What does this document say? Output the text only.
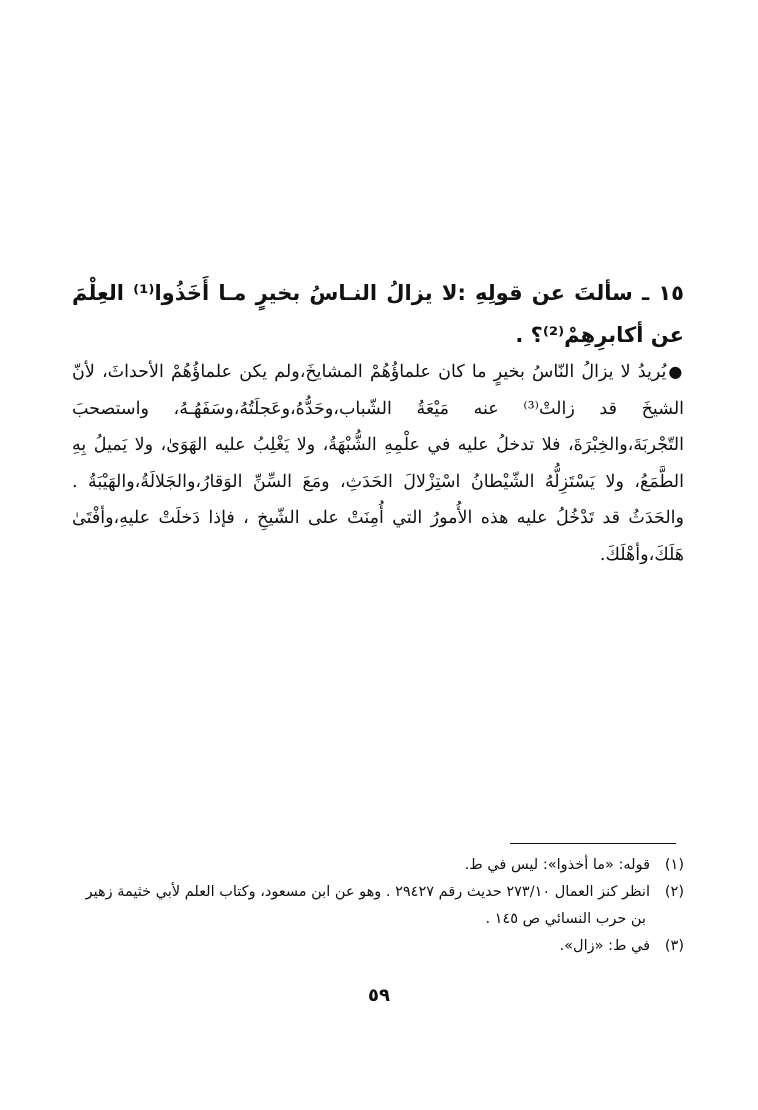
١٥ ـ سألتَ عن قولِهِ :لا يزالُ النـاسُ بخيرٍ مـا أَخَذُوا⁽¹⁾ العِلْمَ عن أكابرِهِمْ⁽²⁾؟ .
●يُريدُ لا يزالُ النّاسُ بخيرٍ ما كان علماؤُهُمْ المشايخَ،ولم يكن علماؤُهُمْ الأحداثَ، لأنّ الشيخَ قد زالتْ⁽³⁾ عنه مَيْعَةُ الشّباب،وحَدُّهُ،وعَجلَتُهُ،وسَفَهُـهُ، واستصحبَ التّجْربَةَ،والخِبْرَةَ، فلا تدخلُ عليه في علْمِهِ الشُّبْهَةُ، ولا يَغْلِبُ عليه الهَوَىٰ، ولا يَميلُ بِهِ الطَّمَعُ، ولا يَسْتَزِلُّهُ الشّيْطانُ اسْتِزْلالَ الحَدَثِ، ومَعَ السِّنِّ الوَقارُ،والجَلالَةُ،والهَيْبَةُ . والحَدَثُ قد تَدْخُلُ عليه هذه الأُمورُ التي أُمِنَتْ على الشّيخِ ، فإذا دَخلَتْ عليهِ،وأفْتَىٰ هَلَكَ،وأهْلَكَ.

(١)قوله: «ما أخذوا»: ليس في ط.

(٢)انظر كنز العمال ٢٧٣/١٠ حديث رقم ٢٩٤٢٧ . وهو عن ابن مسعود، وكتاب العلم لأبي خثيمة زهير بن حرب النسائي ص ١٤٥ .

(٣)في ط: «زال».

٥٩
